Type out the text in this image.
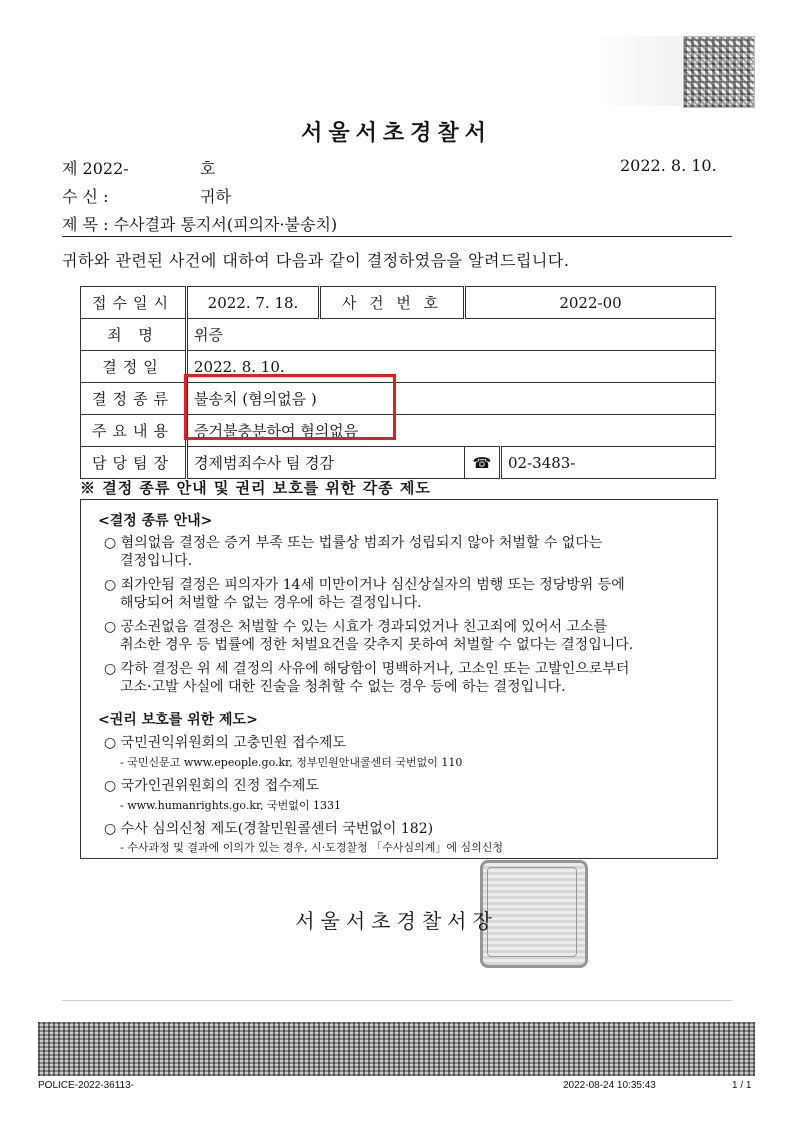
서울서초경찰서
제 2022-	호	2022. 8. 10.
수 신 :	귀하
제 목 : 수사결과 통지서(피의자·불송치)
귀하와 관련된 사건에 대하여 다음과 같이 결정하였음을 알려드립니다.
접수일시	2022. 7. 18.	사 건 번 호	2022-00	
죄 명	위증			
결정일	2022. 8. 10.			
결정종류	불송치 (혐의없음 )			
주요내용	증거불충분하여 혐의없음			
담당팀장	경제범죄수사 팀 경감		☎	02-3483-
※ 결정 종류 안내 및 권리 보호를 위한 각종 제도
<결정 종류 안내>
○ 혐의없음 결정은 증거 부족 또는 법률상 범죄가 성립되지 않아 처벌할 수 없다는
결정입니다.
○ 죄가안됨 결정은 피의자가 14세 미만이거나 심신상실자의 범행 또는 정당방위 등에
해당되어 처벌할 수 없는 경우에 하는 결정입니다.
○ 공소권없음 결정은 처벌할 수 있는 시효가 경과되었거나 친고죄에 있어서 고소를
취소한 경우 등 법률에 정한 처벌요건을 갖추지 못하여 처벌할 수 없다는 결정입니다.
○ 각하 결정은 위 세 결정의 사유에 해당함이 명백하거나, 고소인 또는 고발인으로부터
고소·고발 사실에 대한 진술을 청취할 수 없는 경우 등에 하는 결정입니다.
<권리 보호를 위한 제도>
○ 국민권익위원회의 고충민원 접수제도
- 국민신문고 www.epeople.go.kr, 정부민원안내콜센터 국번없이 110
○ 국가인권위원회의 진정 접수제도
- www.humanrights.go.kr, 국번없이 1331
○ 수사 심의신청 제도(경찰민원콜센터 국번없이 182)
- 수사과정 및 결과에 이의가 있는 경우, 시·도경찰청 「수사심의계」에 심의신청
서울서초경찰서장
POLICE-2022-36113-	2022-08-24 10:35:43	1 / 1
